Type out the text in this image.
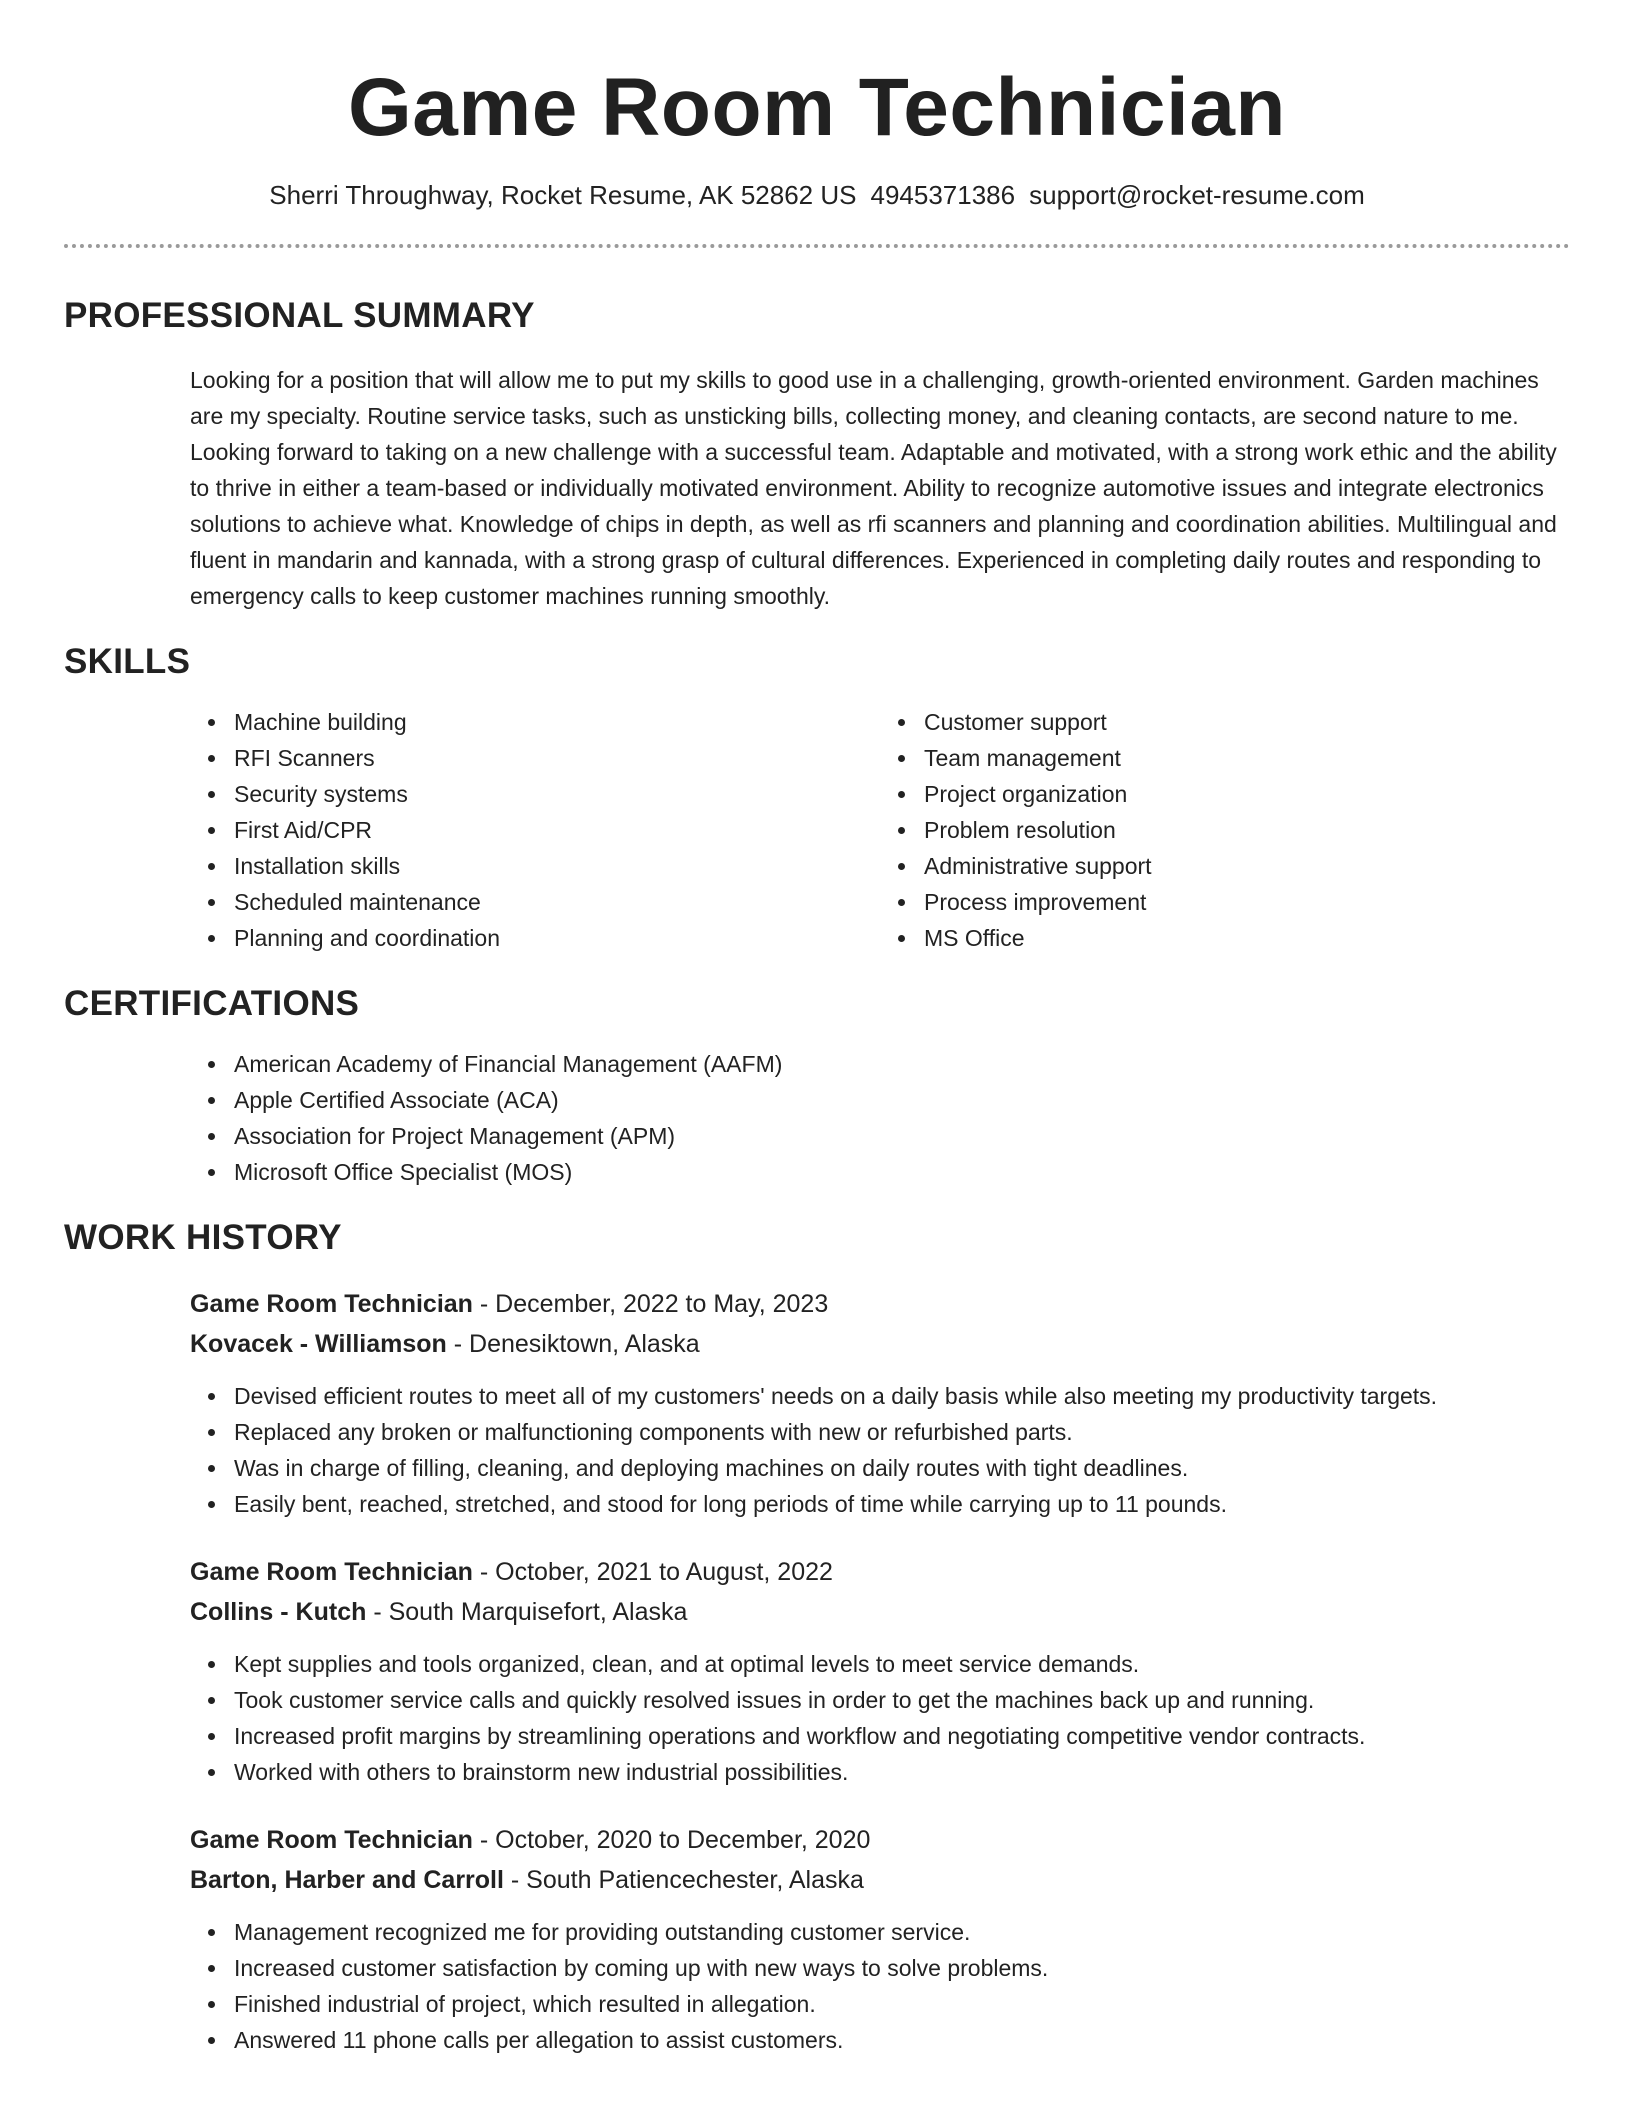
Game Room Technician
Sherri Throughway, Rocket Resume, AK 52862 US 4945371386 support@rocket-resume.com
PROFESSIONAL SUMMARY
Looking for a position that will allow me to put my skills to good use in a challenging, growth-oriented environment. Garden machines are my specialty. Routine service tasks, such as unsticking bills, collecting money, and cleaning contacts, are second nature to me. Looking forward to taking on a new challenge with a successful team. Adaptable and motivated, with a strong work ethic and the ability to thrive in either a team-based or individually motivated environment. Ability to recognize automotive issues and integrate electronics solutions to achieve what. Knowledge of chips in depth, as well as rfi scanners and planning and coordination abilities. Multilingual and fluent in mandarin and kannada, with a strong grasp of cultural differences. Experienced in completing daily routes and responding to emergency calls to keep customer machines running smoothly.
SKILLS
Machine building
RFI Scanners
Security systems
First Aid/CPR
Installation skills
Scheduled maintenance
Planning and coordination
Customer support
Team management
Project organization
Problem resolution
Administrative support
Process improvement
MS Office
CERTIFICATIONS
American Academy of Financial Management (AAFM)
Apple Certified Associate (ACA)
Association for Project Management (APM)
Microsoft Office Specialist (MOS)
WORK HISTORY
Game Room Technician - December, 2022 to May, 2023
Kovacek - Williamson - Denesiktown, Alaska
Devised efficient routes to meet all of my customers' needs on a daily basis while also meeting my productivity targets.
Replaced any broken or malfunctioning components with new or refurbished parts.
Was in charge of filling, cleaning, and deploying machines on daily routes with tight deadlines.
Easily bent, reached, stretched, and stood for long periods of time while carrying up to 11 pounds.
Game Room Technician - October, 2021 to August, 2022
Collins - Kutch - South Marquisefort, Alaska
Kept supplies and tools organized, clean, and at optimal levels to meet service demands.
Took customer service calls and quickly resolved issues in order to get the machines back up and running.
Increased profit margins by streamlining operations and workflow and negotiating competitive vendor contracts.
Worked with others to brainstorm new industrial possibilities.
Game Room Technician - October, 2020 to December, 2020
Barton, Harber and Carroll - South Patiencechester, Alaska
Management recognized me for providing outstanding customer service.
Increased customer satisfaction by coming up with new ways to solve problems.
Finished industrial of project, which resulted in allegation.
Answered 11 phone calls per allegation to assist customers.
